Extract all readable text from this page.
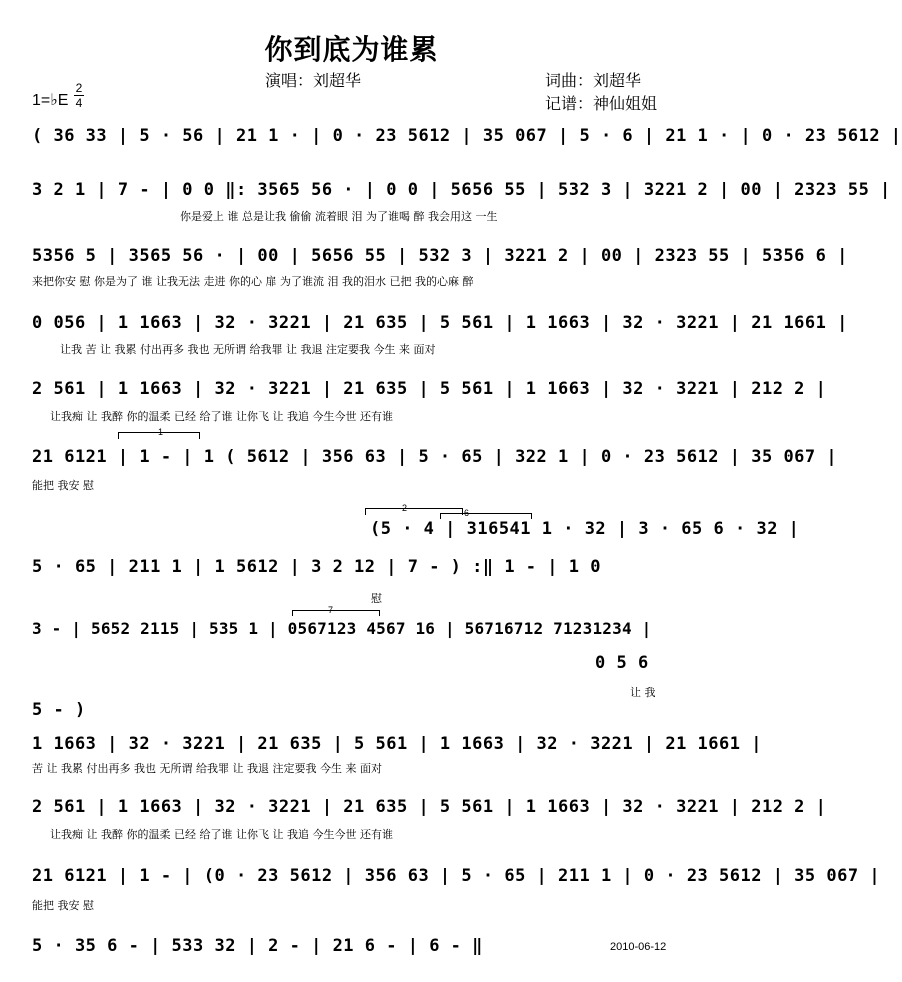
你到底为谁累
演唱：刘超华	词曲：刘超华
记谱：神仙姐姐
1=♭E
2
4
( 36 33 | 5 · 56 | 21 1 · | 0 · 23 5612 | 35 067 | 5 · 6 | 21 1 · | 0 · 23 5612 |
3 2 1 | 7 - | 0 0 ‖: 3565 56 · | 0 0 | 5656 55 | 532 3 | 3221 2 | 00 | 2323 55 |
你是爱上 谁 总是让我 偷偷 流着眼 泪 为了谁喝 醉 我会用这 一生
5356 5 | 3565 56 · | 00 | 5656 55 | 532 3 | 3221 2 | 00 | 2323 55 | 5356 6 |
来把你安 慰 你是为了 谁 让我无法 走进 你的心 扉 为了谁流 泪 我的泪水 已把 我的心麻 醉
0 056 | 1 1663 | 32 · 3221 | 21 635 | 5 561 | 1 1663 | 32 · 3221 | 21 1661 |
让我 苦 让 我累 付出再多 我也 无所谓 给我罪 让 我退 注定要我 今生 来 面对
2 561 | 1 1663 | 32 · 3221 | 21 635 | 5 561 | 1 1663 | 32 · 3221 | 212 2 |
让我痴 让 我醉 你的温柔 已经 给了谁 让你飞 让 我追 今生今世 还有谁
1
21 6121 | 1 - | 1 ( 5612 | 356 63 | 5 · 65 | 322 1 | 0 · 23 5612 | 35 067 |
能把 我安 慰
2	6
(5 · 4 | 316541 1 · 32 | 3 · 65 6 · 32 |
5 · 65 | 211 1 | 1 5612 | 3 2 12 | 7 - ) :‖ 1 - | 1 0
慰
7
3 - | 5652 2115 | 535 1 | 0567123 4567 16 | 56716712 71231234 |
0 5 6
让 我
5 - )
1 1663 | 32 · 3221 | 21 635 | 5 561 | 1 1663 | 32 · 3221 | 21 1661 |
苦 让 我累 付出再多 我也 无所谓 给我罪 让 我退 注定要我 今生 来 面对
2 561 | 1 1663 | 32 · 3221 | 21 635 | 5 561 | 1 1663 | 32 · 3221 | 212 2 |
让我痴 让 我醉 你的温柔 已经 给了谁 让你飞 让 我追 今生今世 还有谁
21 6121 | 1 - | (0 · 23 5612 | 356 63 | 5 · 65 | 211 1 | 0 · 23 5612 | 35 067 |
能把 我安 慰
5 · 35 6 - | 533 32 | 2 - | 21 6 - | 6 - ‖	2010-06-12
